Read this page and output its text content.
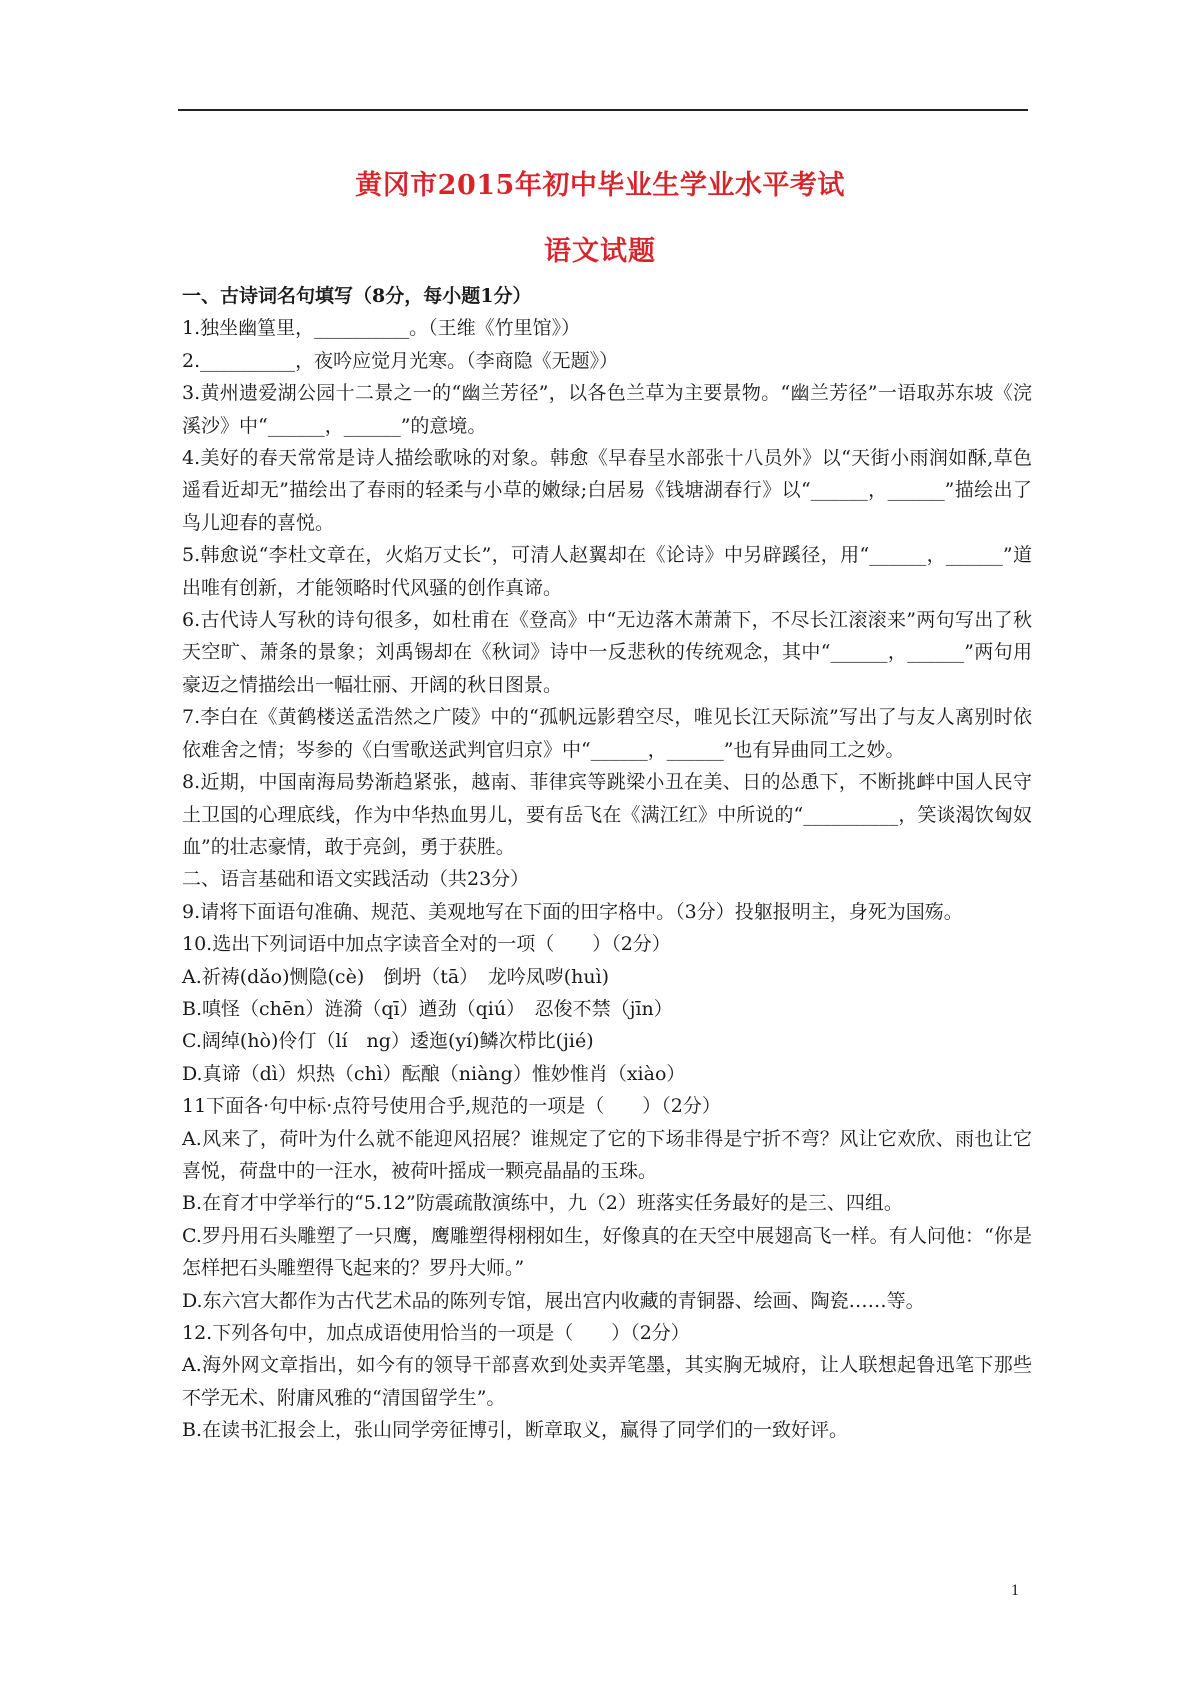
黄冈市2015年初中毕业生学业水平考试
语文试题

一、古诗词名句填写（8分，每小题1分）

1.独坐幽篁里，__________。（王维《竹里馆》）

2.__________，夜吟应觉月光寒。（李商隐《无题》）

3.黄州遗爱湖公园十二景之一的“幽兰芳径”，以各色兰草为主要景物。“幽兰芳径”一语取苏东坡《浣溪沙》中“______，______”的意境。

4.美好的春天常常是诗人描绘歌咏的对象。韩愈《早春呈水部张十八员外》以“天街小雨润如酥,草色遥看近却无”描绘出了春雨的轻柔与小草的嫩绿;白居易《钱塘湖春行》以“______，______”描绘出了鸟儿迎春的喜悦。

5.韩愈说“李杜文章在，火焰万丈长”，可清人赵翼却在《论诗》中另辟蹊径，用“______，______”道出唯有创新，才能领略时代风骚的创作真谛。

6.古代诗人写秋的诗句很多，如杜甫在《登高》中“无边落木萧萧下，不尽长江滚滚来”两句写出了秋天空旷、萧条的景象；刘禹锡却在《秋词》诗中一反悲秋的传统观念，其中“______，______”两句用豪迈之情描绘出一幅壮丽、开阔的秋日图景。

7.李白在《黄鹤楼送孟浩然之广陵》中的“孤帆远影碧空尽，唯见长江天际流”写出了与友人离别时依依难舍之情；岑参的《白雪歌送武判官归京》中“______，______”也有异曲同工之妙。

8.近期，中国南海局势渐趋紧张，越南、菲律宾等跳梁小丑在美、日的怂恿下，不断挑衅中国人民守土卫国的心理底线，作为中华热血男儿，要有岳飞在《满江红》中所说的“__________，笑谈渴饮匈奴血”的壮志豪情，敢于亮剑，勇于获胜。

二、语言基础和语文实践活动（共23分）

9.请将下面语句准确、规范、美观地写在下面的田字格中。（3分）投躯报明主，身死为国殇。

10.选出下列词语中加点字读音全对的一项（　　）（2分）

A.祈祷(dǎo)恻隐(cè)　倒坍（tā）　龙吟凤哕(huì)

B.嗔怪（chēn）涟漪（qī）遒劲（qiú）　忍俊不禁（jīn）

C.阔绰(hò)伶仃（lí　ng）逶迤(yí)鳞次栉比(jié)

D.真谛（dì）炽热（chì）酝酿（niàng）惟妙惟肖（xiào）

11下面各·句中标·点符号使用合乎,规范的一项是（　　）（2分）

A.风来了，荷叶为什么就不能迎风招展？谁规定了它的下场非得是宁折不弯？风让它欢欣、雨也让它喜悦，荷盘中的一汪水，被荷叶摇成一颗亮晶晶的玉珠。

B.在育才中学举行的“5.12”防震疏散演练中，九（2）班落实任务最好的是三、四组。

C.罗丹用石头雕塑了一只鹰，鹰雕塑得栩栩如生，好像真的在天空中展翅高飞一样。有人问他：“你是怎样把石头雕塑得飞起来的？罗丹大师。”

D.东六宫大都作为古代艺术品的陈列专馆，展出宫内收藏的青铜器、绘画、陶瓷……等。

12.下列各句中，加点成语使用恰当的一项是（　　）（2分）

A.海外网文章指出，如今有的领导干部喜欢到处卖弄笔墨，其实胸无城府，让人联想起鲁迅笔下那些不学无术、附庸风雅的“清国留学生”。

B.在读书汇报会上，张山同学旁征博引，断章取义，赢得了同学们的一致好评。

1
